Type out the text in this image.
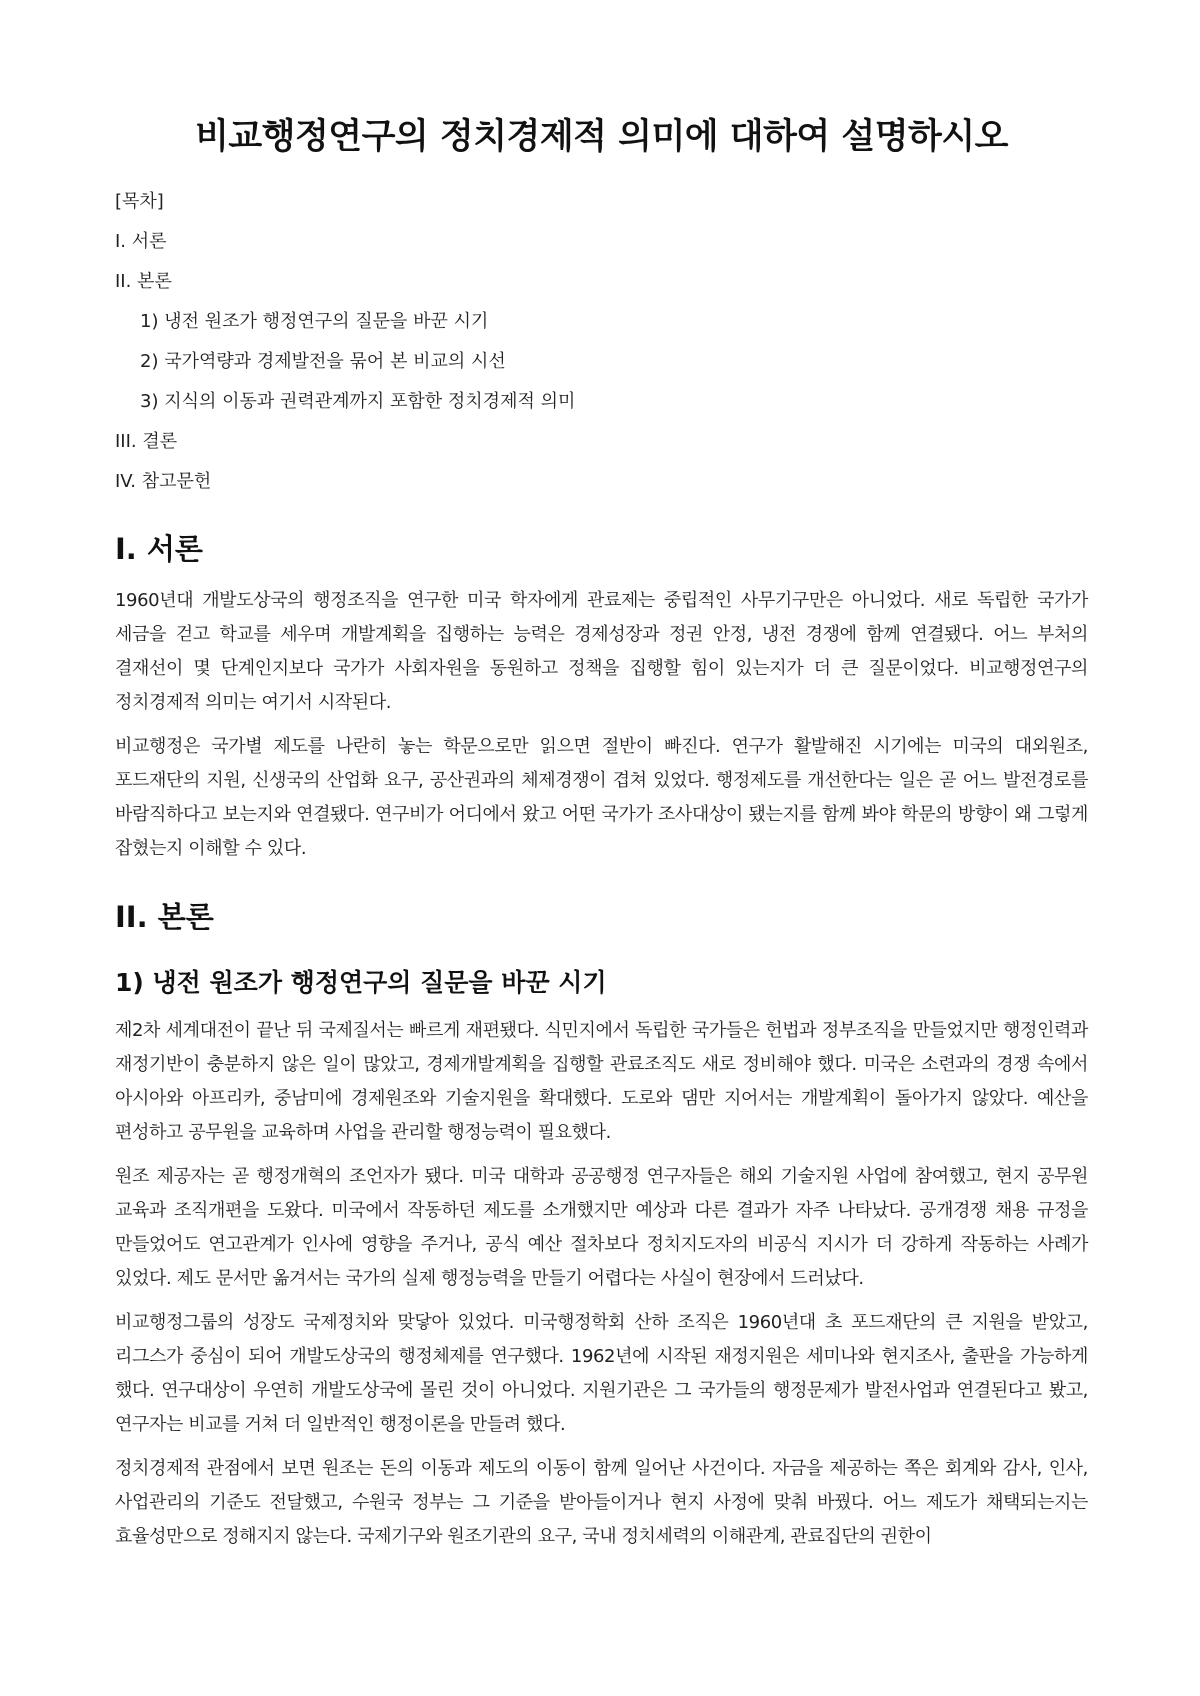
비교행정연구의 정치경제적 의미에 대하여 설명하시오
[목차]
I. 서론
II. 본론
1) 냉전 원조가 행정연구의 질문을 바꾼 시기
2) 국가역량과 경제발전을 묶어 본 비교의 시선
3) 지식의 이동과 권력관계까지 포함한 정치경제적 의미
III. 결론
IV. 참고문헌
I. 서론

1960년대 개발도상국의 행정조직을 연구한 미국 학자에게 관료제는 중립적인 사무기구만은 아니었다. 새로 독립한 국가가 세금을 걷고 학교를 세우며 개발계획을 집행하는 능력은 경제성장과 정권 안정, 냉전 경쟁에 함께 연결됐다. 어느 부처의 결재선이 몇 단계인지보다 국가가 사회자원을 동원하고 정책을 집행할 힘이 있는지가 더 큰 질문이었다. 비교행정연구의 정치경제적 의미는 여기서 시작된다.

비교행정은 국가별 제도를 나란히 놓는 학문으로만 읽으면 절반이 빠진다. 연구가 활발해진 시기에는 미국의 대외원조, 포드재단의 지원, 신생국의 산업화 요구, 공산권과의 체제경쟁이 겹쳐 있었다. 행정제도를 개선한다는 일은 곧 어느 발전경로를 바람직하다고 보는지와 연결됐다. 연구비가 어디에서 왔고 어떤 국가가 조사대상이 됐는지를 함께 봐야 학문의 방향이 왜 그렇게 잡혔는지 이해할 수 있다.

II. 본론
1) 냉전 원조가 행정연구의 질문을 바꾼 시기

제2차 세계대전이 끝난 뒤 국제질서는 빠르게 재편됐다. 식민지에서 독립한 국가들은 헌법과 정부조직을 만들었지만 행정인력과 재정기반이 충분하지 않은 일이 많았고, 경제개발계획을 집행할 관료조직도 새로 정비해야 했다. 미국은 소련과의 경쟁 속에서 아시아와 아프리카, 중남미에 경제원조와 기술지원을 확대했다. 도로와 댐만 지어서는 개발계획이 돌아가지 않았다. 예산을 편성하고 공무원을 교육하며 사업을 관리할 행정능력이 필요했다.

원조 제공자는 곧 행정개혁의 조언자가 됐다. 미국 대학과 공공행정 연구자들은 해외 기술지원 사업에 참여했고, 현지 공무원 교육과 조직개편을 도왔다. 미국에서 작동하던 제도를 소개했지만 예상과 다른 결과가 자주 나타났다. 공개경쟁 채용 규정을 만들었어도 연고관계가 인사에 영향을 주거나, 공식 예산 절차보다 정치지도자의 비공식 지시가 더 강하게 작동하는 사례가 있었다. 제도 문서만 옮겨서는 국가의 실제 행정능력을 만들기 어렵다는 사실이 현장에서 드러났다.

비교행정그룹의 성장도 국제정치와 맞닿아 있었다. 미국행정학회 산하 조직은 1960년대 초 포드재단의 큰 지원을 받았고, 리그스가 중심이 되어 개발도상국의 행정체제를 연구했다. 1962년에 시작된 재정지원은 세미나와 현지조사, 출판을 가능하게 했다. 연구대상이 우연히 개발도상국에 몰린 것이 아니었다. 지원기관은 그 국가들의 행정문제가 발전사업과 연결된다고 봤고, 연구자는 비교를 거쳐 더 일반적인 행정이론을 만들려 했다.

정치경제적 관점에서 보면 원조는 돈의 이동과 제도의 이동이 함께 일어난 사건이다. 자금을 제공하는 쪽은 회계와 감사, 인사, 사업관리의 기준도 전달했고, 수원국 정부는 그 기준을 받아들이거나 현지 사정에 맞춰 바꿨다. 어느 제도가 채택되는지는 효율성만으로 정해지지 않는다. 국제기구와 원조기관의 요구, 국내 정치세력의 이해관계, 관료집단의 권한이
